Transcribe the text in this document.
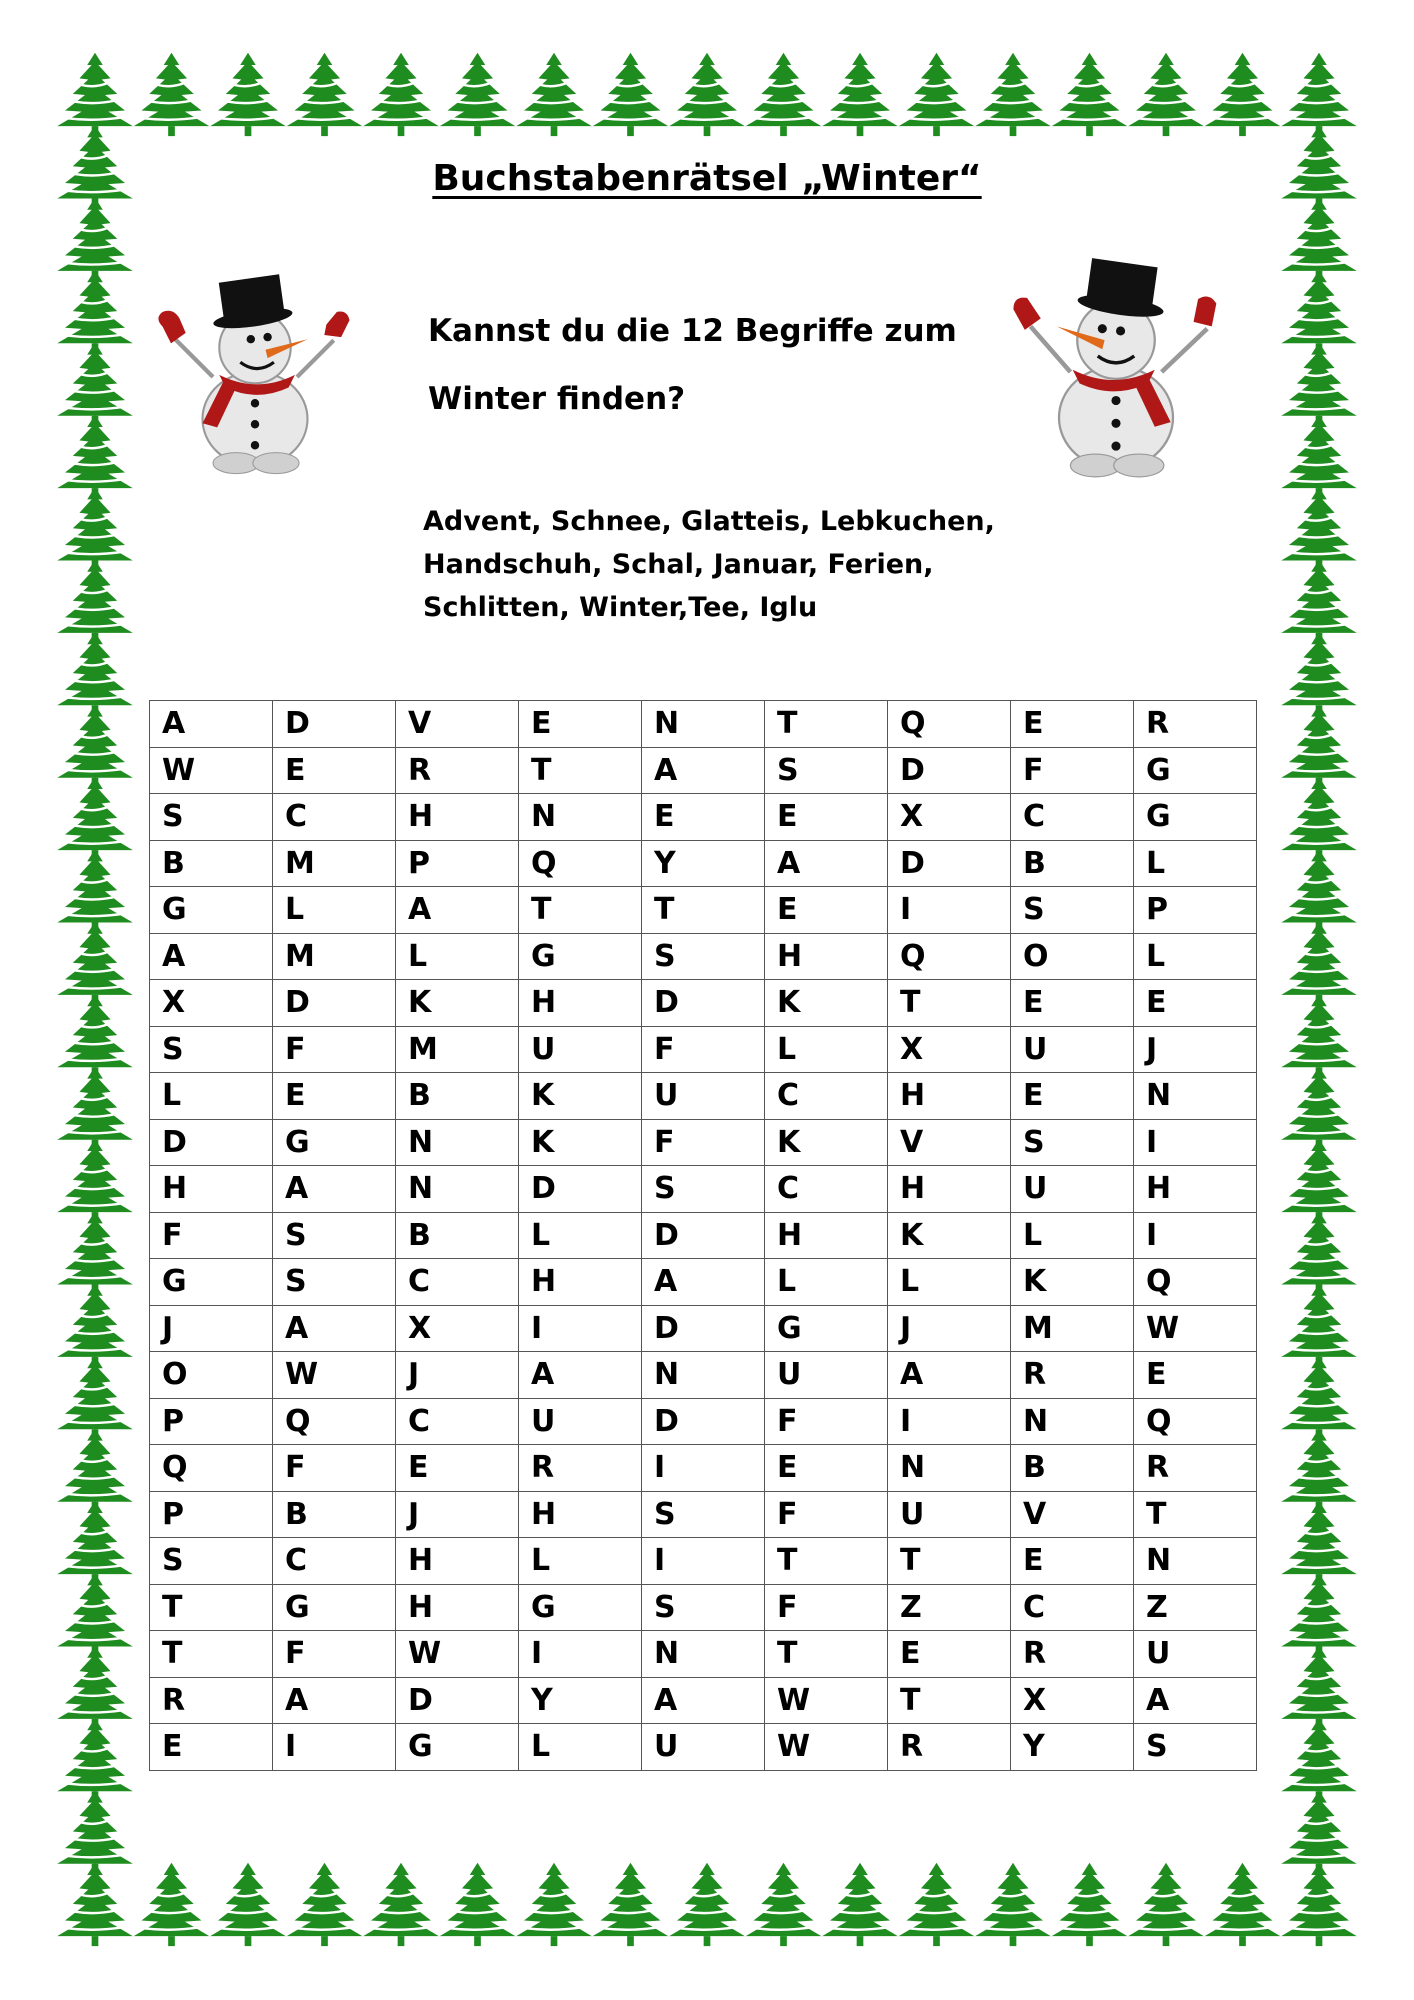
Buchstabenrätsel „Winter“
Kannst du die 12 Begriffe zum
Winter finden?
Advent, Schnee, Glatteis, Lebkuchen,
Handschuh, Schal, Januar, Ferien,
Schlitten, Winter,Tee, Iglu
A	D	V	E	N	T	Q	E	R
W	E	R	T	A	S	D	F	G
S	C	H	N	E	E	X	C	G
B	M	P	Q	Y	A	D	B	L
G	L	A	T	T	E	I	S	P
A	M	L	G	S	H	Q	O	L
X	D	K	H	D	K	T	E	E
S	F	M	U	F	L	X	U	J
L	E	B	K	U	C	H	E	N
D	G	N	K	F	K	V	S	I
H	A	N	D	S	C	H	U	H
F	S	B	L	D	H	K	L	I
G	S	C	H	A	L	L	K	Q
J	A	X	I	D	G	J	M	W
O	W	J	A	N	U	A	R	E
P	Q	C	U	D	F	I	N	Q
Q	F	E	R	I	E	N	B	R
P	B	J	H	S	F	U	V	T
S	C	H	L	I	T	T	E	N
T	G	H	G	S	F	Z	C	Z
T	F	W	I	N	T	E	R	U
R	A	D	Y	A	W	T	X	A
E	I	G	L	U	W	R	Y	S
